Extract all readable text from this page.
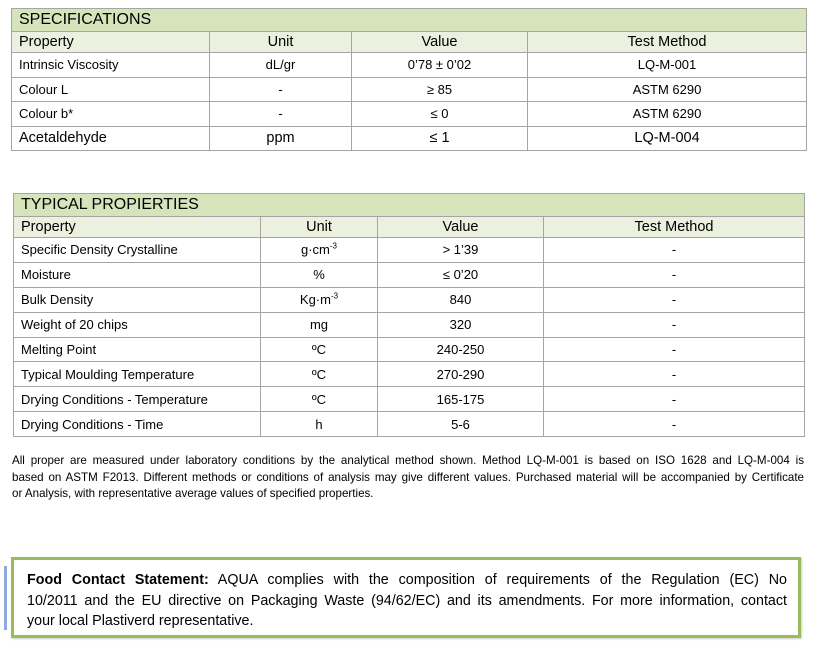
SPECIFICATIONS			
Property	Unit	Value	Test Method
Intrinsic Viscosity	dL/gr	0’78 ± 0’02	LQ-M-001
Colour L	-	≥ 85	ASTM 6290
Colour b*	-	≤ 0	ASTM 6290
Acetaldehyde	ppm	≤ 1	LQ-M-004
TYPICAL PROPIERTIES			
Property	Unit	Value	Test Method
Specific Density Crystalline	$g\cdot cm^{-3}$	> 1’39	-
Moisture	%	≤ 0’20	-
Bulk Density	$Kg\cdot m^{-3}$	840	-
Weight of 20 chips	mg	320	-
Melting Point	ºC	240-250	-
Typical Moulding Temperature	ºC	270-290	-
Drying Conditions - Temperature	ºC	165-175	-
Drying Conditions - Time	h	5-6	-
All proper are measured under laboratory conditions by the analytical method shown. Method LQ-M-001 is based on ISO 1628 and LQ-M-004 is
based on ASTM F2013. Different methods or conditions of analysis may give different values. Purchased material will be accompanied by Certificate
or Analysis, with representative average values of specified properties.
Food Contact Statement: AQUA complies with the composition of requirements of the Regulation (EC) No
10/2011 and the EU directive on Packaging Waste (94/62/EC) and its amendments. For more information, contact
your local Plastiverd representative.
